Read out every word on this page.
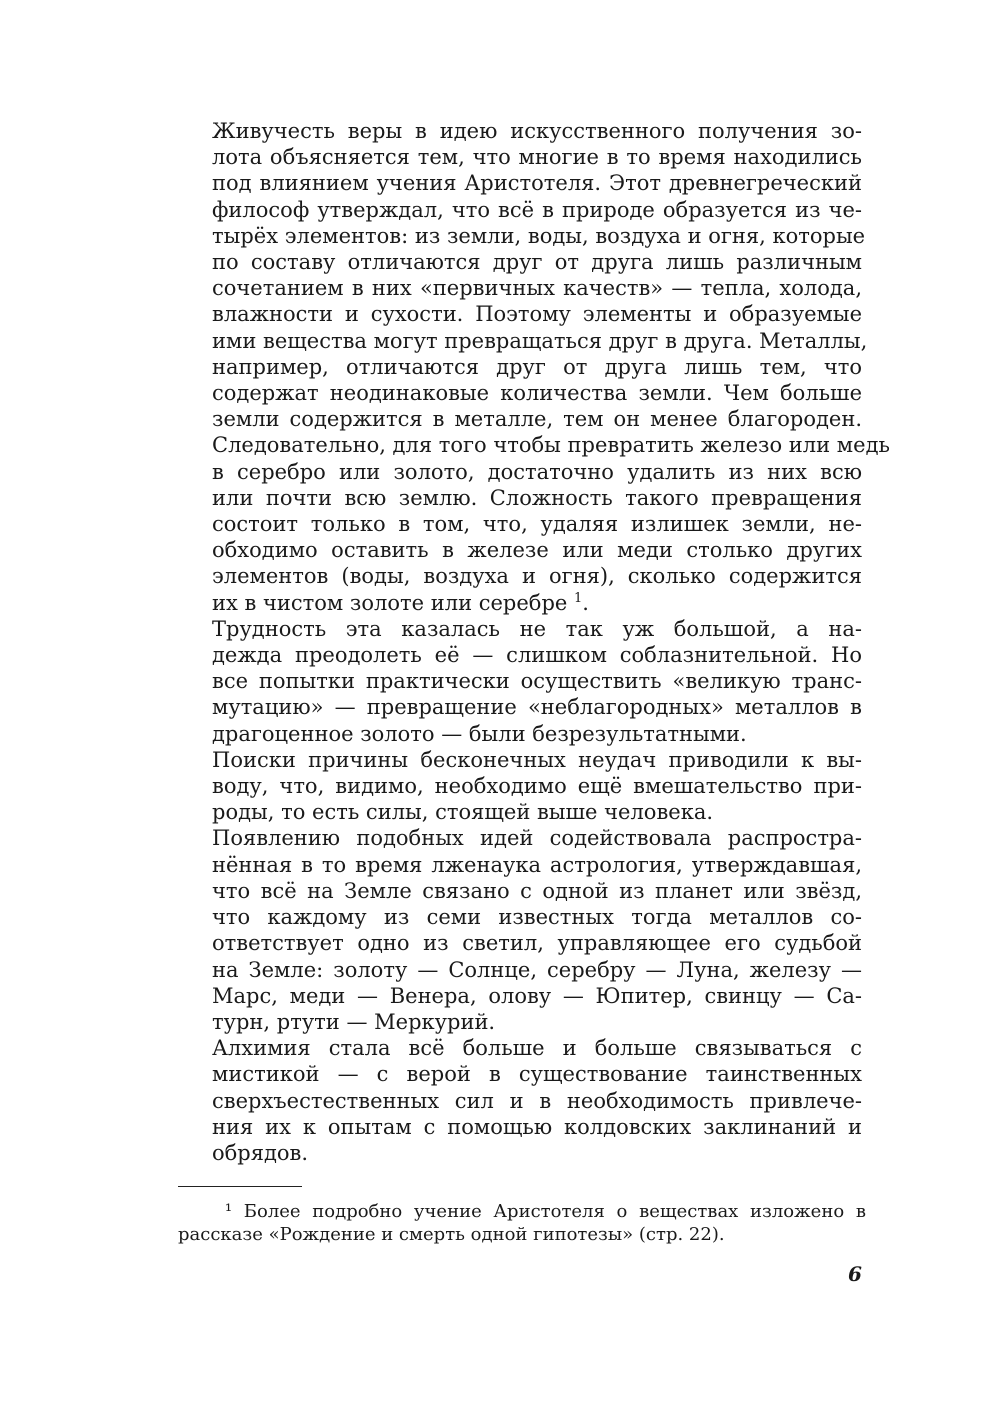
Живучесть веры в идею искусственного получения зо-
лота объясняется тем, что многие в то время находились
под влиянием учения Аристотеля. Этот древнегреческий
философ утверждал, что всё в природе образуется из че-
тырёх элементов: из земли, воды, воздуха и огня, которые
по составу отличаются друг от друга лишь различным
сочетанием в них «первичных качеств» — тепла, холода,
влажности и сухости. Поэтому элементы и образуемые
ими вещества могут превращаться друг в друга. Металлы,
например, отличаются друг от друга лишь тем, что
содержат неодинаковые количества земли. Чем больше
земли содержится в металле, тем он менее благороден.
Следовательно, для того чтобы превратить железо или медь
в серебро или золото, достаточно удалить из них всю
или почти всю землю. Сложность такого превращения
состоит только в том, что, удаляя излишек земли, не-
обходимо оставить в железе или меди столько других
элементов (воды, воздуха и огня), сколько содержится
их в чистом золоте или серебре $^1$.

Трудность эта казалась не так уж большой, а на-
дежда преодолеть её — слишком соблазнительной. Но
все попытки практически осуществить «великую транс-
мутацию» — превращение «неблагородных» металлов в
драгоценное золото — были безрезультатными.

Поиски причины бесконечных неудач приводили к вы-
воду, что, видимо, необходимо ещё вмешательство при-
роды, то есть силы, стоящей выше человека.

Появлению подобных идей содействовала распростра-
нённая в то время лженаука астрология, утверждавшая,
что всё на Земле связано с одной из планет или звёзд,
что каждому из семи известных тогда металлов со-
ответствует одно из светил, управляющее его судьбой
на Земле: золоту — Солнце, серебру — Луна, железу —
Марс, меди — Венера, олову — Юпитер, свинцу — Са-
турн, ртути — Меркурий.

Алхимия стала всё больше и больше связываться с
мистикой — с верой в существование таинственных
сверхъестественных сил и в необходимость привлече-
ния их к опытам с помощью колдовских заклинаний и
обрядов.

¹ Более подробно учение Аристотеля о веществах изложено в
рассказе «Рождение и смерть одной гипотезы» (стр. 22).
6
